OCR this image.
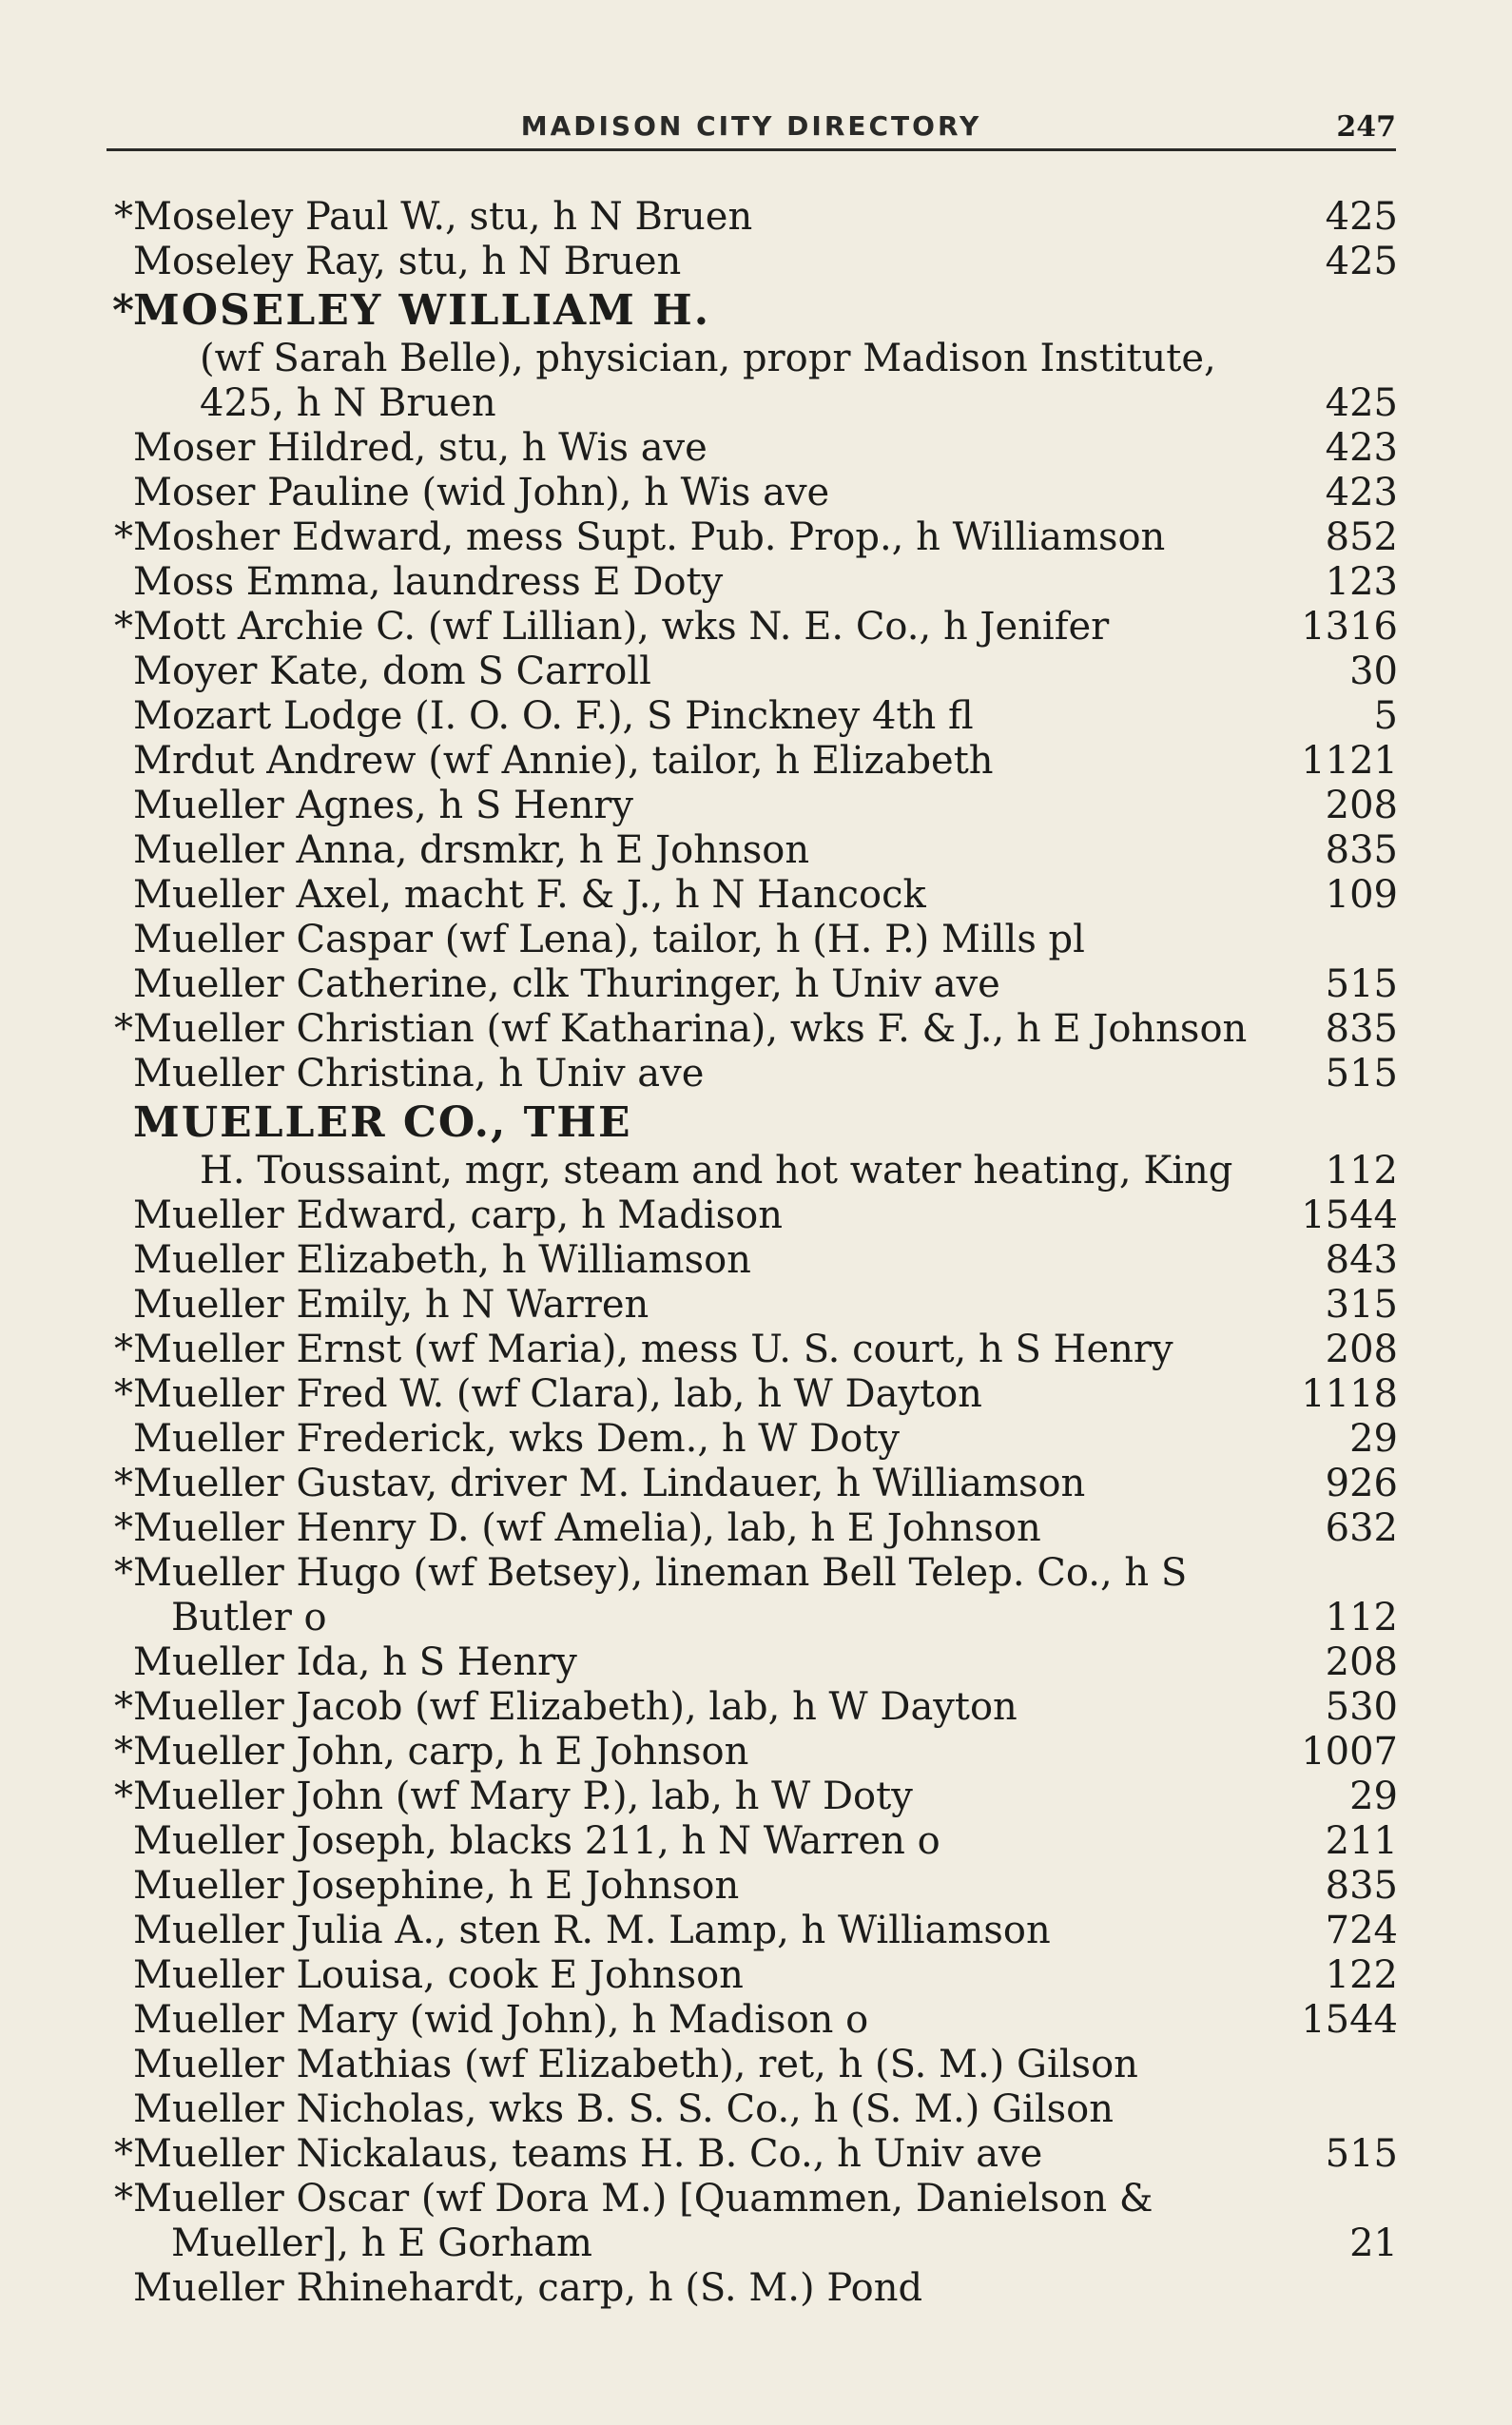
MADISON CITY DIRECTORY	247
*Moseley Paul W., stu, h N Bruen	425
Moseley Ray, stu, h N Bruen	425
*MOSELEY WILLIAM H.
(wf Sarah Belle), physician, propr Madison Institute,
425, h N Bruen	425
Moser Hildred, stu, h Wis ave	423
Moser Pauline (wid John), h Wis ave	423
*Mosher Edward, mess Supt. Pub. Prop., h Williamson	852
Moss Emma, laundress E Doty	123
*Mott Archie C. (wf Lillian), wks N. E. Co., h Jenifer	1316
Moyer Kate, dom S Carroll	30
Mozart Lodge (I. O. O. F.), S Pinckney 4th fl	5
Mrdut Andrew (wf Annie), tailor, h Elizabeth	1121
Mueller Agnes, h S Henry	208
Mueller Anna, drsmkr, h E Johnson	835
Mueller Axel, macht F. & J., h N Hancock	109
Mueller Caspar (wf Lena), tailor, h (H. P.) Mills pl
Mueller Catherine, clk Thuringer, h Univ ave	515
*Mueller Christian (wf Katharina), wks F. & J., h E Johnson 835
Mueller Christina, h Univ ave	515
MUELLER CO., THE
H. Toussaint, mgr, steam and hot water heating, King 112
Mueller Edward, carp, h Madison	1544
Mueller Elizabeth, h Williamson	843
Mueller Emily, h N Warren	315
*Mueller Ernst (wf Maria), mess U. S. court, h S Henry	208
*Mueller Fred W. (wf Clara), lab, h W Dayton	1118
Mueller Frederick, wks Dem., h W Doty	29
*Mueller Gustav, driver M. Lindauer, h Williamson	926
*Mueller Henry D. (wf Amelia), lab, h E Johnson	632
*Mueller Hugo (wf Betsey), lineman Bell Telep. Co., h S
Butler o	112
Mueller Ida, h S Henry	208
*Mueller Jacob (wf Elizabeth), lab, h W Dayton	530
*Mueller John, carp, h E Johnson	1007
*Mueller John (wf Mary P.), lab, h W Doty	29
Mueller Joseph, blacks 211, h N Warren o	211
Mueller Josephine, h E Johnson	835
Mueller Julia A., sten R. M. Lamp, h Williamson	724
Mueller Louisa, cook E Johnson	122
Mueller Mary (wid John), h Madison o	1544
Mueller Mathias (wf Elizabeth), ret, h (S. M.) Gilson
Mueller Nicholas, wks B. S. S. Co., h (S. M.) Gilson
*Mueller Nickalaus, teams H. B. Co., h Univ ave	515
*Mueller Oscar (wf Dora M.) [Quammen, Danielson &
Mueller], h E Gorham	21
Mueller Rhinehardt, carp, h (S. M.) Pond
